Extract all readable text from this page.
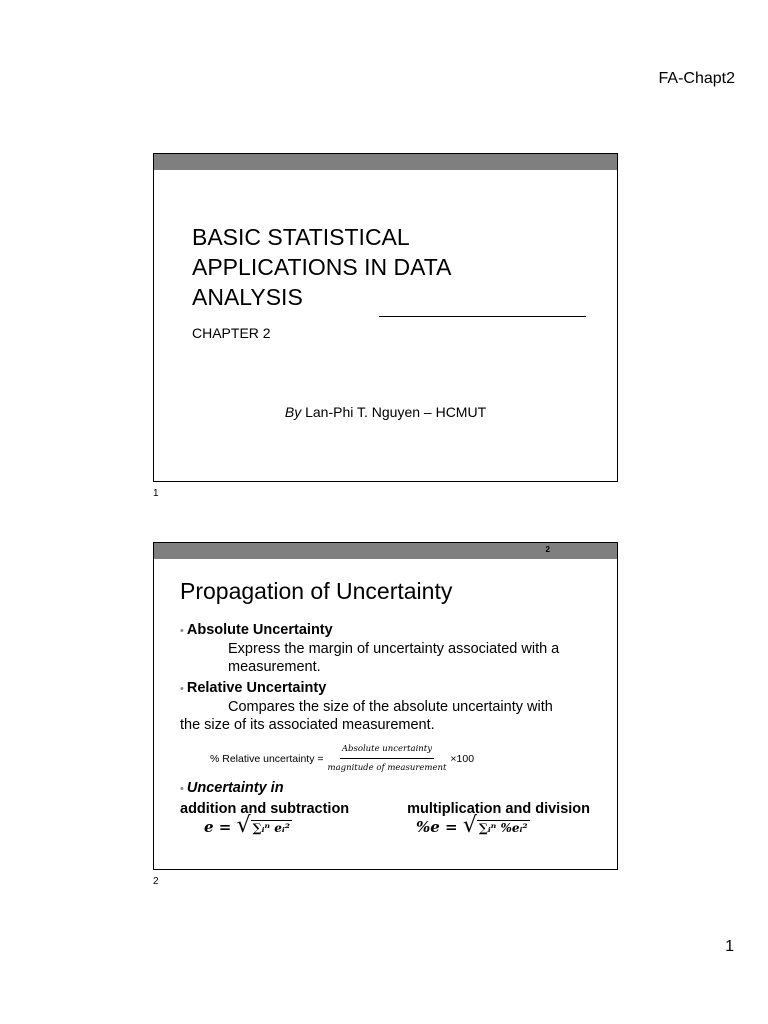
FA-Chapt2
BASIC STATISTICAL
APPLICATIONS IN DATA
ANALYSIS
CHAPTER 2
By Lan-Phi T. Nguyen – HCMUT
1
2
Propagation of Uncertainty
• Absolute Uncertainty
Express the margin of uncertainty associated with a measurement.
• Relative Uncertainty
Compares the size of the absolute uncertainty with
the size of its associated measurement.
% Relative uncertainty = $\frac{\text{Absolute uncertainty}}{\text{magnitude of measurement}} \times 100$
• Uncertainty in
addition and subtraction	multiplication and division
e = √ ∑ᵢⁿ eᵢ²	%e = √ ∑ᵢⁿ %eᵢ²
2
1
